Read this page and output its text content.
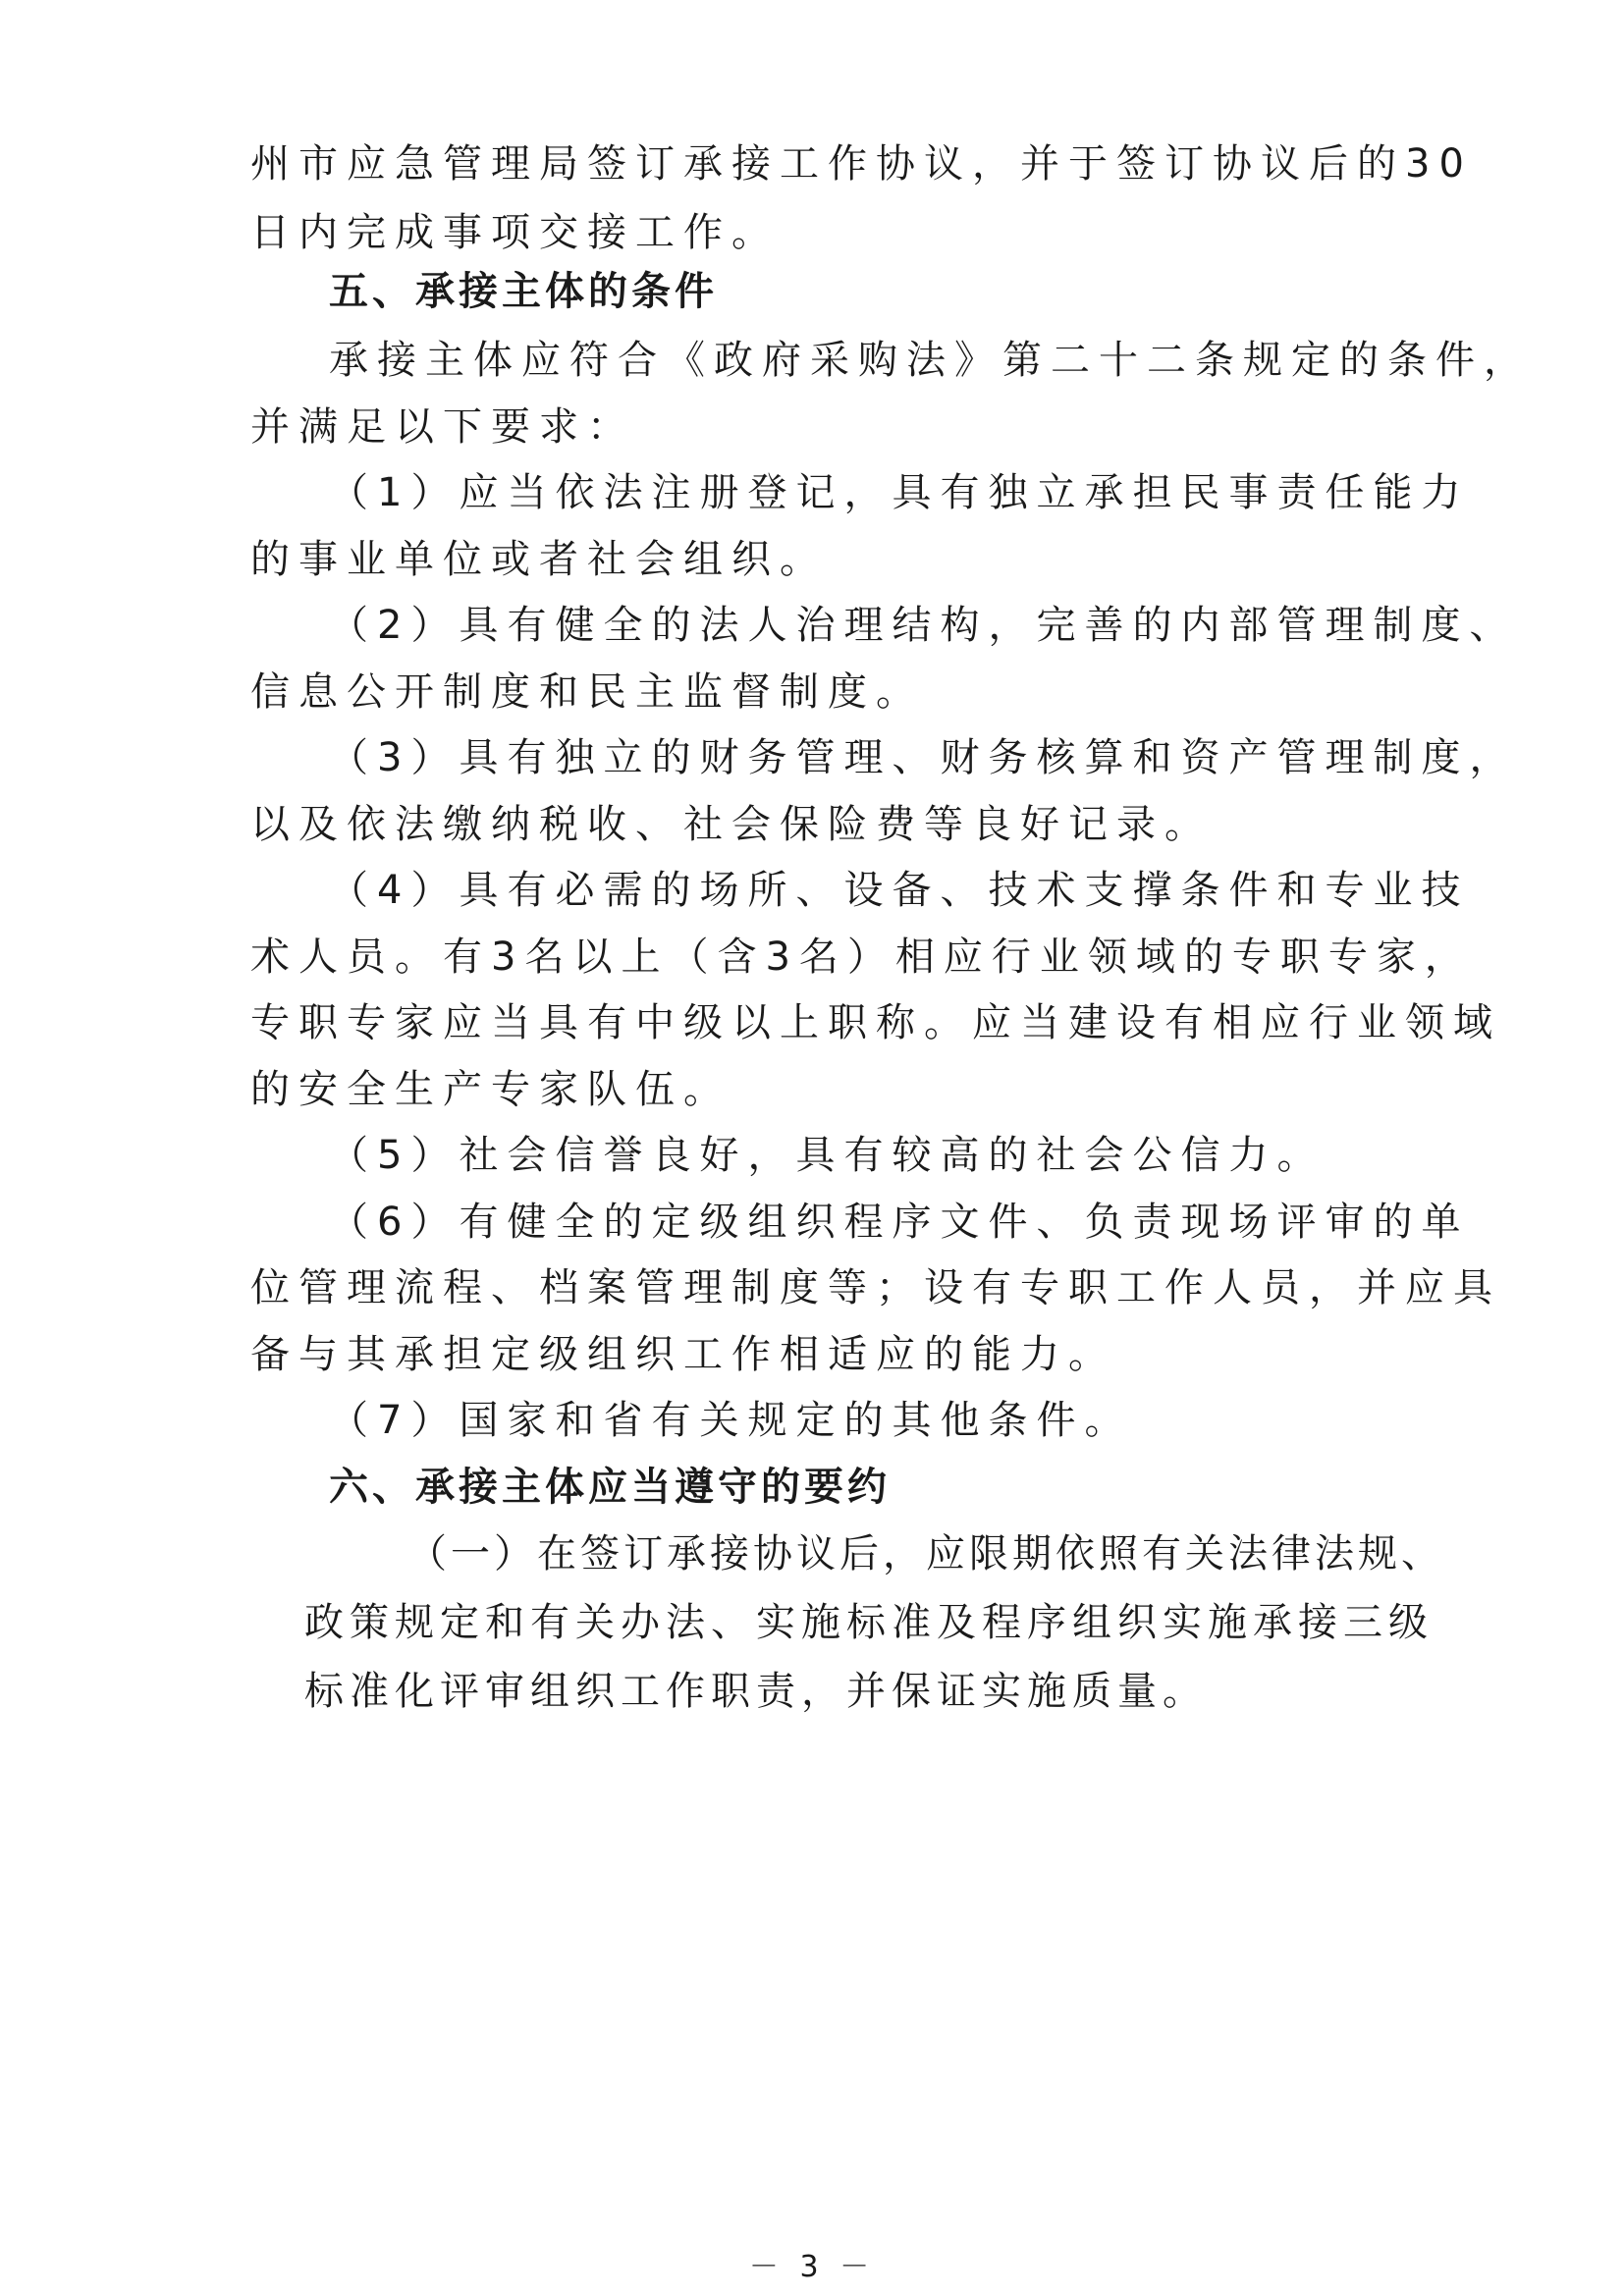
州市应急管理局签订承接工作协议，并于签订协议后的30
日内完成事项交接工作。
五、承接主体的条件
承接主体应符合《政府采购法》第二十二条规定的条件，
并满足以下要求：
（1）应当依法注册登记，具有独立承担民事责任能力
的事业单位或者社会组织。
（2）具有健全的法人治理结构，完善的内部管理制度、
信息公开制度和民主监督制度。
（3）具有独立的财务管理、财务核算和资产管理制度，
以及依法缴纳税收、社会保险费等良好记录。
（4）具有必需的场所、设备、技术支撑条件和专业技
术人员。有3名以上（含3名）相应行业领域的专职专家，
专职专家应当具有中级以上职称。应当建设有相应行业领域
的安全生产专家队伍。
（5）社会信誉良好，具有较高的社会公信力。
（6）有健全的定级组织程序文件、负责现场评审的单
位管理流程、档案管理制度等；设有专职工作人员，并应具
备与其承担定级组织工作相适应的能力。
（7）国家和省有关规定的其他条件。
六、承接主体应当遵守的要约
（一）在签订承接协议后，应限期依照有关法律法规、
政策规定和有关办法、实施标准及程序组织实施承接三级
标准化评审组织工作职责，并保证实施质量。
－ 3 －
